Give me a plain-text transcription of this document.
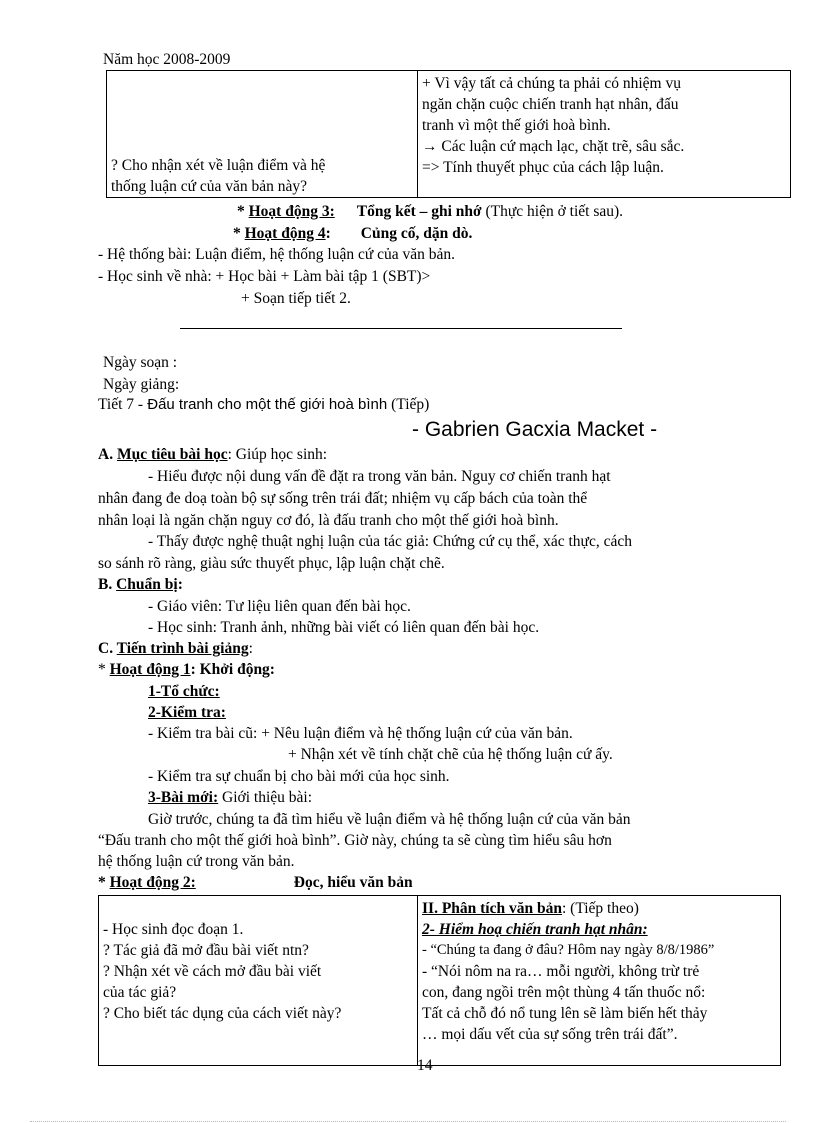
Năm học 2008-2009
? Cho nhận xét về luận điểm và hệ
thống luận cứ của văn bản này?

+ Vì vậy tất cả chúng ta phải có nhiệm vụ
ngăn chặn cuộc chiến tranh hạt nhân, đấu
tranh vì một thế giới hoà bình.
→ Các luận cứ mạch lạc, chặt trẽ, sâu sắc.
=> Tính thuyết phục của cách lập luận.
* Hoạt động 3: Tổng kết – ghi nhớ (Thực hiện ở tiết sau).
* Hoạt động 4: Củng cố, dặn dò.
- Hệ thống bài: Luận điểm, hệ thống luận cứ của văn bản.
- Học sinh về nhà: + Học bài + Làm bài tập 1 (SBT)>
+ Soạn tiếp tiết 2.
Ngày soạn :
Ngày giảng:
Tiết 7 - Đấu tranh cho một thế giới hoà bình (Tiếp)
- Gabrien Gacxia Macket -
A. Mục tiêu bài học: Giúp học sinh:
- Hiểu được nội dung vấn đề đặt ra trong văn bản. Nguy cơ chiến tranh hạt
nhân đang đe doạ toàn bộ sự sống trên trái đất; nhiệm vụ cấp bách của toàn thể
nhân loại là ngăn chặn nguy cơ đó, là đấu tranh cho một thế giới hoà bình.
- Thấy được nghệ thuật nghị luận của tác giả: Chứng cứ cụ thể, xác thực, cách
so sánh rõ ràng, giàu sức thuyết phục, lập luận chặt chẽ.
B. Chuẩn bị:
- Giáo viên: Tư liệu liên quan đến bài học.
- Học sinh: Tranh ảnh, những bài viết có liên quan đến bài học.
C. Tiến trình bài giảng:
* Hoạt động 1: Khởi động:
1-Tổ chức:
2-Kiểm tra:
- Kiểm tra bài cũ: + Nêu luận điểm và hệ thống luận cứ của văn bản.
+ Nhận xét về tính chặt chẽ của hệ thống luận cứ ấy.
- Kiểm tra sự chuẩn bị cho bài mới của học sinh.
3-Bài mới: Giới thiệu bài:
Giờ trước, chúng ta đã tìm hiểu về luận điểm và hệ thống luận cứ của văn bản
“Đấu tranh cho một thế giới hoà bình”. Giờ này, chúng ta sẽ cùng tìm hiểu sâu hơn
hệ thống luận cứ trong văn bản.
* Hoạt động 2:	Đọc, hiểu văn bản
- Học sinh đọc đoạn 1.
? Tác giả đã mở đầu bài viết ntn?
? Nhận xét về cách mở đầu bài viết
của tác giả?
? Cho biết tác dụng của cách viết này?

II. Phân tích văn bản: (Tiếp theo)
2- Hiểm hoạ chiến tranh hạt nhân:
- “Chúng ta đang ở đâu? Hôm nay ngày 8/8/1986”
- “Nói nôm na ra… mỗi người, không trừ trẻ
con, đang ngồi trên một thùng 4 tấn thuốc nổ:
Tất cả chỗ đó nổ tung lên sẽ làm biến hết thảy
… mọi dấu vết của sự sống trên trái đất”.
14
